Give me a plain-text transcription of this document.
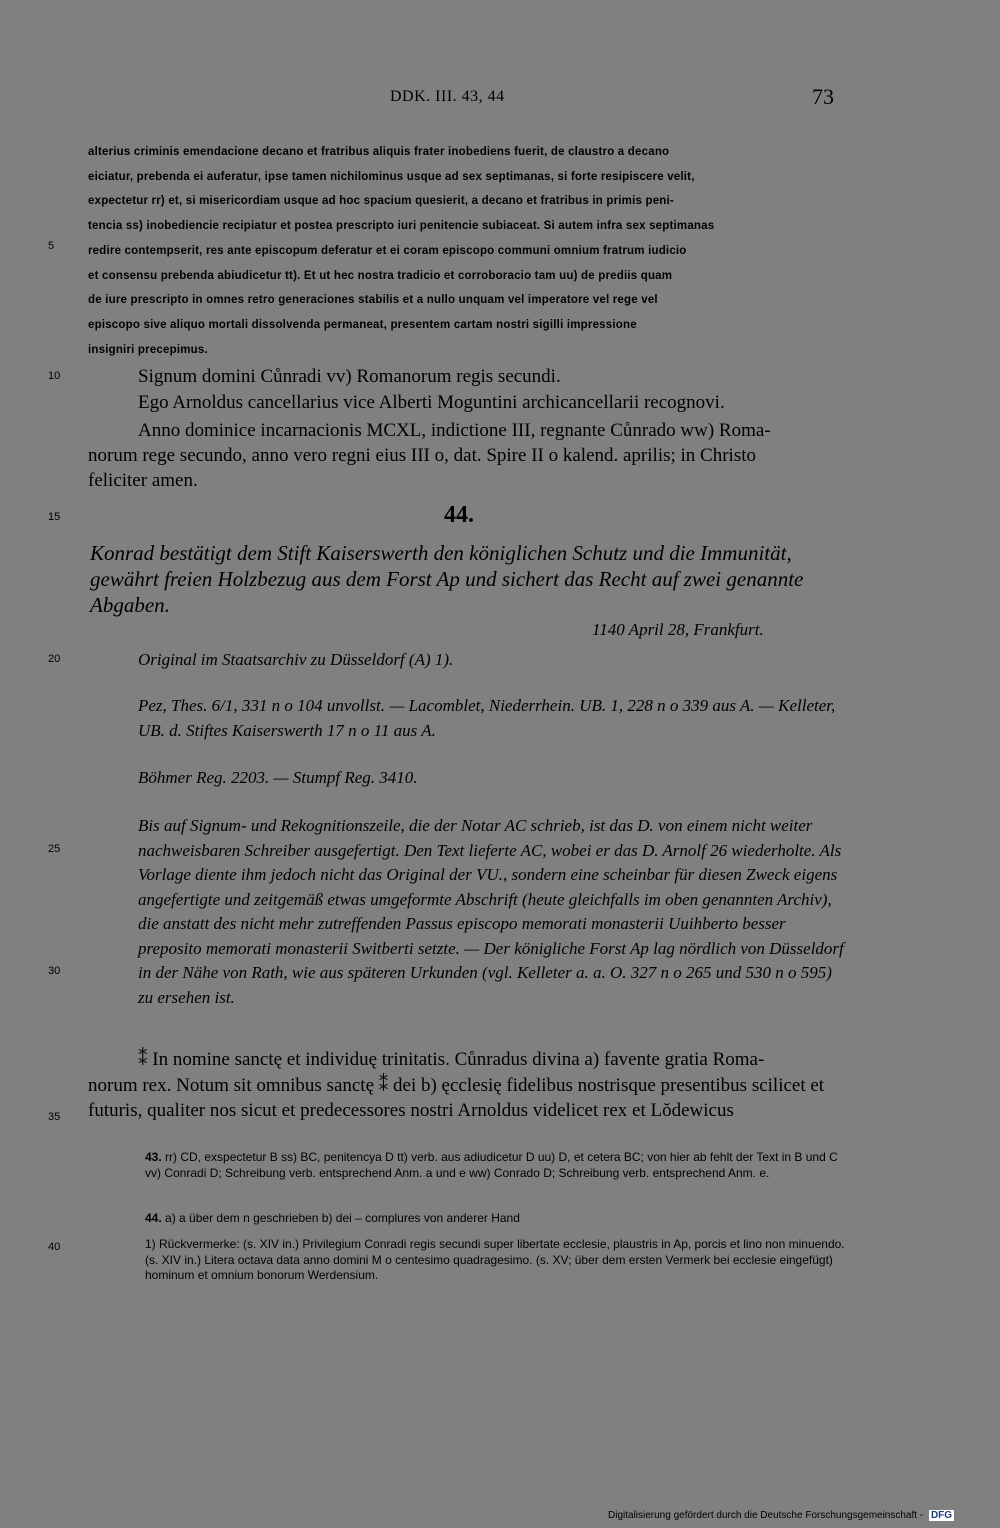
DDK. III. 43, 44	73
alterius criminis emendacione decano et fratribus aliquis frater inobediens fuerit, de claustro a decano
eiciatur, prebenda ei auferatur, ipse tamen nichilominus usque ad sex septimanas, si forte resipiscere velit,
expectetur rr) et, si misericordiam usque ad hoc spacium quesierit, a decano et fratribus in primis peni-
tencia ss) inobediencie recipiatur et postea prescripto iuri penitencie subiaceat. Si autem infra sex septimanas
redire contempserit, res ante episcopum deferatur et ei coram episcopo communi omnium fratrum iudicio
et consensu prebenda abiudicetur tt). Et ut hec nostra tradicio et corroboracio tam uu) de prediis quam
de iure prescripto in omnes retro generaciones stabilis et a nullo unquam vel imperatore vel rege vel
episcopo sive aliquo mortali dissolvenda permaneat, presentem cartam nostri sigilli impressione
insigniri precepimus.
5
10
15
20
25
30
35
40
Signum domini Cůnradi vv) Romanorum regis secundi.
Ego Arnoldus cancellarius vice Alberti Moguntini archicancellarii recognovi.
Anno dominice incarnacionis MCXL, indictione III, regnante Cůnrado ww) Roma-
norum rege secundo, anno vero regni eius III o, dat. Spire II o kalend. aprilis; in Christo
feliciter amen.
44.
Konrad bestätigt dem Stift Kaiserswerth den königlichen Schutz und die Immunität, gewährt freien Holzbezug aus dem Forst Ap und sichert das Recht auf zwei genannte Abgaben.
1140 April 28, Frankfurt.
Original im Staatsarchiv zu Düsseldorf (A) 1).
Pez, Thes. 6/1, 331 n o 104 unvollst. — Lacomblet, Niederrhein. UB. 1, 228 n o 339 aus A. — Kelleter, UB. d. Stiftes Kaiserswerth 17 n o 11 aus A.
Böhmer Reg. 2203. — Stumpf Reg. 3410.
Bis auf Signum- und Rekognitionszeile, die der Notar AC schrieb, ist das D. von einem nicht weiter nachweisbaren Schreiber ausgefertigt. Den Text lieferte AC, wobei er das D. Arnolf 26 wiederholte. Als Vorlage diente ihm jedoch nicht das Original der VU., sondern eine scheinbar für diesen Zweck eigens angefertigte und zeitgemäß etwas umgeformte Abschrift (heute gleichfalls im oben genannten Archiv), die anstatt des nicht mehr zutreffenden Passus episcopo memorati monasterii Uuihberto besser preposito memorati monasterii Switberti setzte. — Der königliche Forst Ap lag nördlich von Düsseldorf in der Nähe von Rath, wie aus späteren Urkunden (vgl. Kelleter a. a. O. 327 n o 265 und 530 n o 595) zu ersehen ist.
⁑ In nomine sanctę et individuę trinitatis. Cůnradus divina a) favente gratia Roma-
norum rex. Notum sit omnibus sanctę ⁑ dei b) ęcclesię fidelibus nostrisque presentibus scilicet et
futuris, qualiter nos sicut et predecessores nostri Arnoldus videlicet rex et Lŏdewicus
43. rr) CD, exspectetur B ss) BC, penitencya D tt) verb. aus adiudicetur D uu) D, et cetera BC; von hier ab fehlt der Text in B und C vv) Conradi D; Schreibung verb. entsprechend Anm. a und e ww) Conrado D; Schreibung verb. entsprechend Anm. e.
44. a) a über dem n geschrieben b) dei – complures von anderer Hand
1) Rückvermerke: (s. XIV in.) Privilegium Conradi regis secundi super libertate ecclesie, plaustris in Ap, porcis et lino non minuendo. (s. XIV in.) Litera octava data anno domini M o centesimo quadragesimo. (s. XV; über dem ersten Vermerk bei ecclesie eingefügt) hominum et omnium bonorum Werdensium.
Digitalisierung gefördert durch die Deutsche Forschungsgemeinschaft - DFG
